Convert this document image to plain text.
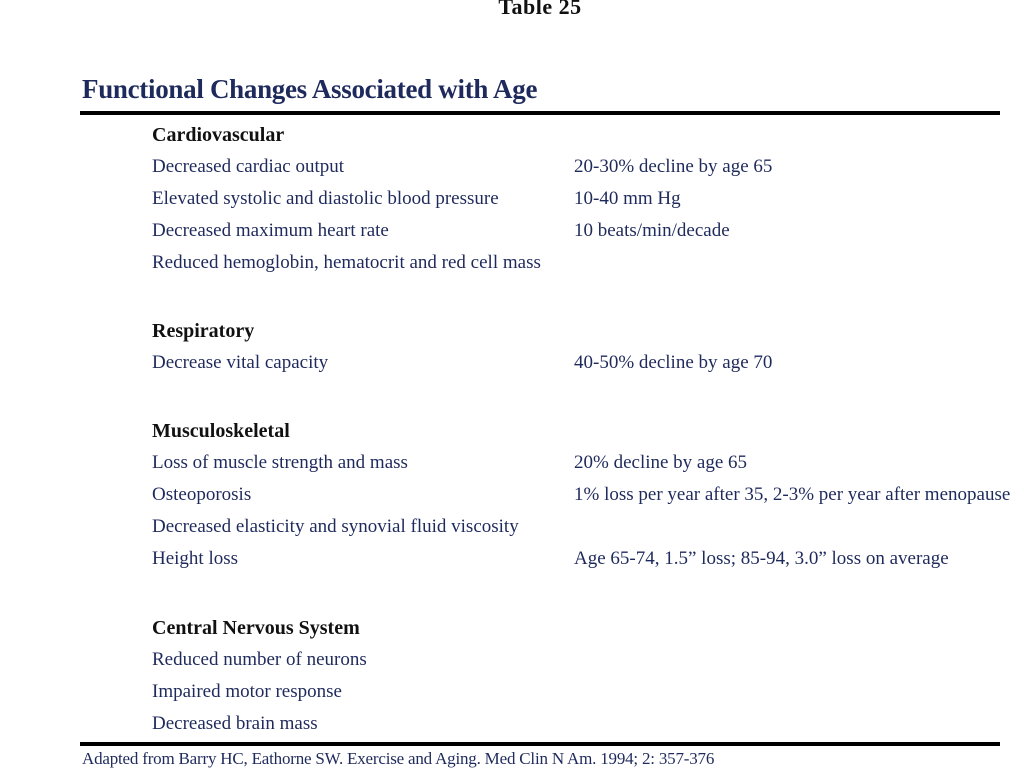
Table 25
Functional Changes Associated with Age
Cardiovascular
Decreased cardiac output	20-30% decline by age 65
Elevated systolic and diastolic blood pressure	10-40 mm Hg
Decreased maximum heart rate	10 beats/min/decade
Reduced hemoglobin, hematocrit and red cell mass
Respiratory
Decrease vital capacity	40-50% decline by age 70
Musculoskeletal
Loss of muscle strength and mass	20% decline by age 65
Osteoporosis	1% loss per year after 35, 2-3% per year after menopause
Decreased elasticity and synovial fluid viscosity
Height loss	Age 65-74, 1.5” loss; 85-94, 3.0” loss on average
Central Nervous System
Reduced number of neurons
Impaired motor response
Decreased brain mass
Adapted from Barry HC, Eathorne SW. Exercise and Aging. Med Clin N Am. 1994; 2: 357-376
